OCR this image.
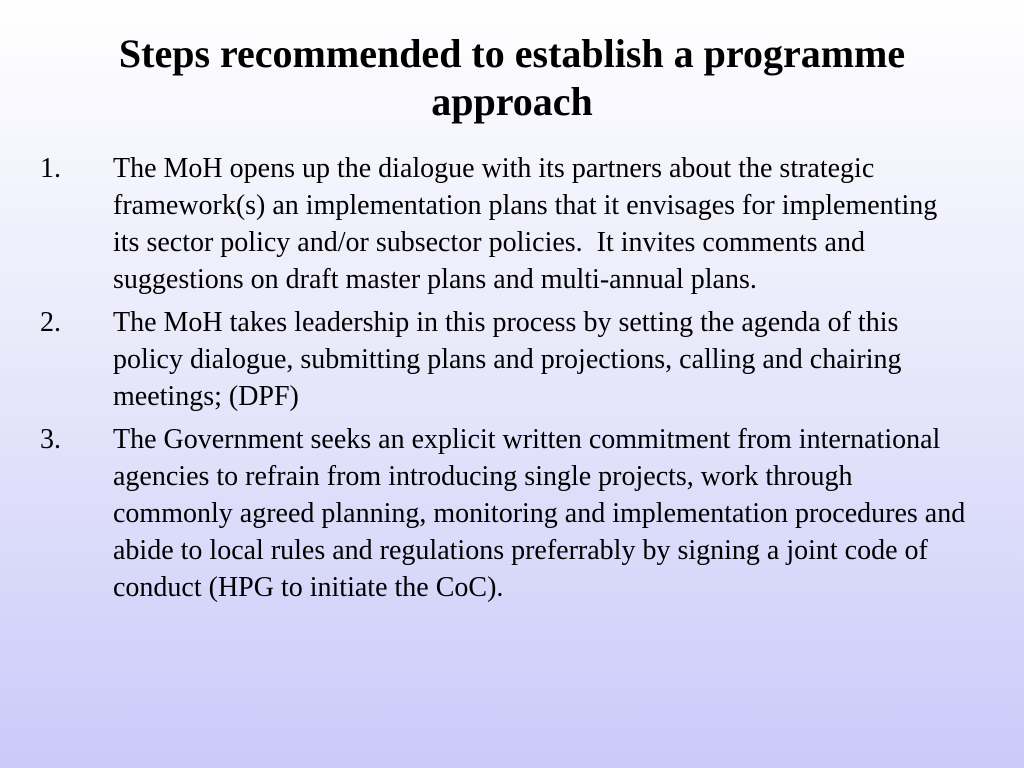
Steps recommended to establish a programme approach
1.	The MoH opens up the dialogue with its partners about the strategic framework(s) an implementation plans that it envisages for implementing its sector policy and/or subsector policies.  It invites comments and suggestions on draft master plans and multi-annual plans.
2.	The MoH takes leadership in this process by setting the agenda of this policy dialogue, submitting plans and projections, calling and chairing meetings; (DPF)
3.	The Government seeks an explicit written commitment from international agencies to refrain from introducing single projects, work through commonly agreed planning, monitoring and implementation procedures and abide to local rules and regulations preferrably by signing a joint code of conduct (HPG to initiate the CoC).
